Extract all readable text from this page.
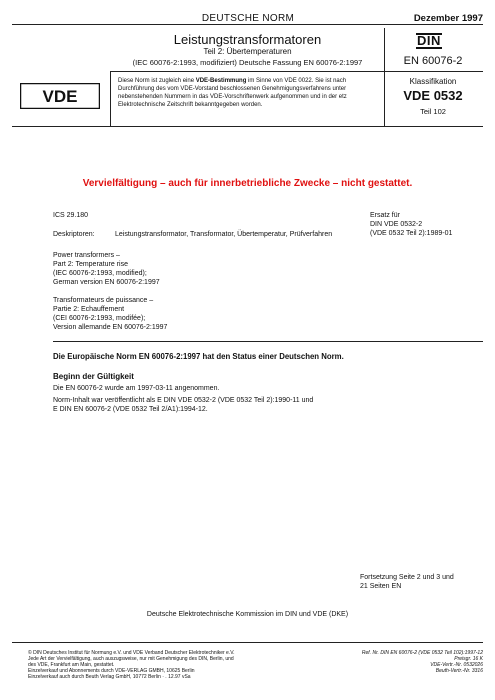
DEUTSCHE NORM	Dezember 1997
Leistungstransformatoren
Teil 2: Übertemperaturen
(IEC 60076-2:1993, modifiziert) Deutsche Fassung EN 60076-2:1997
DIN
EN 60076-2
VDE
Diese Norm ist zugleich eine VDE-Bestimmung im Sinne von VDE 0022. Sie ist nach Durchführung des vom VDE-Vorstand beschlossenen Genehmigungsverfahrens unter nebenstehenden Nummern in das VDE-Vorschriftenwerk aufgenommen und in der etz Elektrotechnische Zeitschrift bekanntgegeben worden.
Klassifikation
VDE 0532
Teil 102
Vervielfältigung – auch für innerbetriebliche Zwecke – nicht gestattet.
ICS 29.180	Ersatz für
DIN VDE 0532-2
(VDE 0532 Teil 2):1989-01
Deskriptoren:	Leistungstransformator, Transformator, Übertemperatur, Prüfverfahren
Power transformers –
Part 2: Temperature rise
(IEC 60076-2:1993, modified);
German version EN 60076-2:1997
Transformateurs de puissance –
Partie 2: Echauffement
(CEI 60076-2:1993, modifée);
Version allemande EN 60076-2:1997
Die Europäische Norm EN 60076-2:1997 hat den Status einer Deutschen Norm.
Beginn der Gültigkeit
Die EN 60076-2 wurde am 1997-03-11 angenommen.
Norm-Inhalt war veröffentlicht als E DIN VDE 0532-2 (VDE 0532 Teil 2):1990-11 und
E DIN EN 60076-2 (VDE 0532 Teil 2/A1):1994-12.
Fortsetzung Seite 2 und 3 und
21 Seiten EN
Deutsche Elektrotechnische Kommission im DIN und VDE (DKE)
© DIN Deutsches Institut für Normung e.V. und VDE Verband Deutscher Elektrotechniker e.V.
Jede Art der Vervielfältigung, auch auszugsweise, nur mit Genehmigung des DIN, Berlin, und
des VDE, Frankfurt am Main, gestattet.
Einzelverkauf und Abonnements durch VDE-VERLAG GMBH, 10625 Berlin
Einzelverkauf auch durch Beuth Verlag GmbH, 10772 Berlin · . 12.97 vSa
Ref. Nr. DIN EN 60076-2 (VDE 0532 Teil 102):1997-12
Preisgr. 16 K
VDE-Vertr.-Nr. 0532026
Beuth-Vertr.-Nr. 3316
